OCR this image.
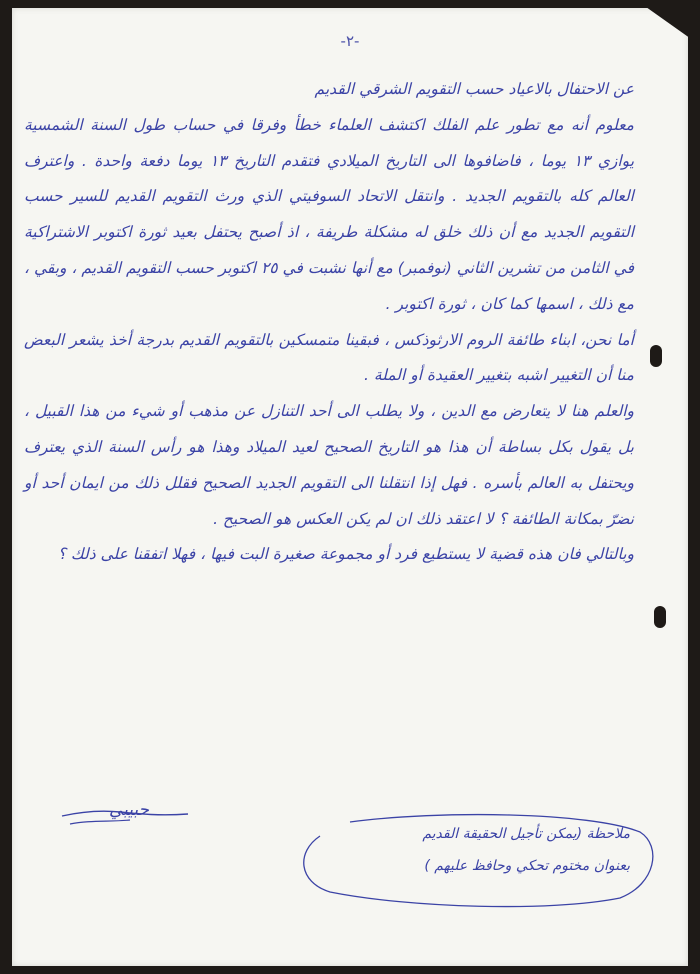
-٢-

عن الاحتفال بالاعياد حسب التقويم الشرقي القديم

معلوم أنه مع تطور علم الفلك اكتشف العلماء خطأ وفرقا في حساب طول السنة الشمسية يوازي ١٣ يوما ، فاضافوها الى التاريخ الميلادي فتقدم التاريخ ١٣ يوما دفعة واحدة . واعترف العالم كله بالتقويم الجديد . وانتقل الاتحاد السوفيتي الذي ورث التقويم القديم للسير حسب التقويم الجديد مع أن ذلك خلق له مشكلة طريفة ، اذ أصبح يحتفل بعيد ثورة اكتوبر الاشتراكية في الثامن من تشرين الثاني (نوفمبر) مع أنها نشبت في ٢٥ اكتوبر حسب التقويم القديم ، وبقي ، مع ذلك ، اسمها كما كان ، ثورة اكتوبر .

أما نحن، ابناء طائفة الروم الارثوذكس ، فبقينا متمسكين بالتقويم القديم بدرجة أخذ يشعر البعض منا أن التغيير اشبه بتغيير العقيدة أو الملة .

والعلم هنا لا يتعارض مع الدين ، ولا يطلب الى أحد التنازل عن مذهب أو شيء من هذا القبيل ، بل يقول بكل بساطة أن هذا هو التاريخ الصحيح لعيد الميلاد وهذا هو رأس السنة الذي يعترف ويحتفل به العالم بأسره . فهل إذا انتقلنا الى التقويم الجديد الصحيح فقلل ذلك من ايمان أحد أو نضرّ بمكانة الطائفة ؟ لا اعتقد ذلك ان لم يكن العكس هو الصحيح .

وبالتالي فان هذه قضية لا يستطيع فرد أو مجموعة صغيرة البت فيها ، فهلا اتفقنا على ذلك ؟

حبيبي
ملاحظة (يمكن تأجيل الحقيقة القديم
بعنوان مختوم تحكي وحافظ عليهم )
